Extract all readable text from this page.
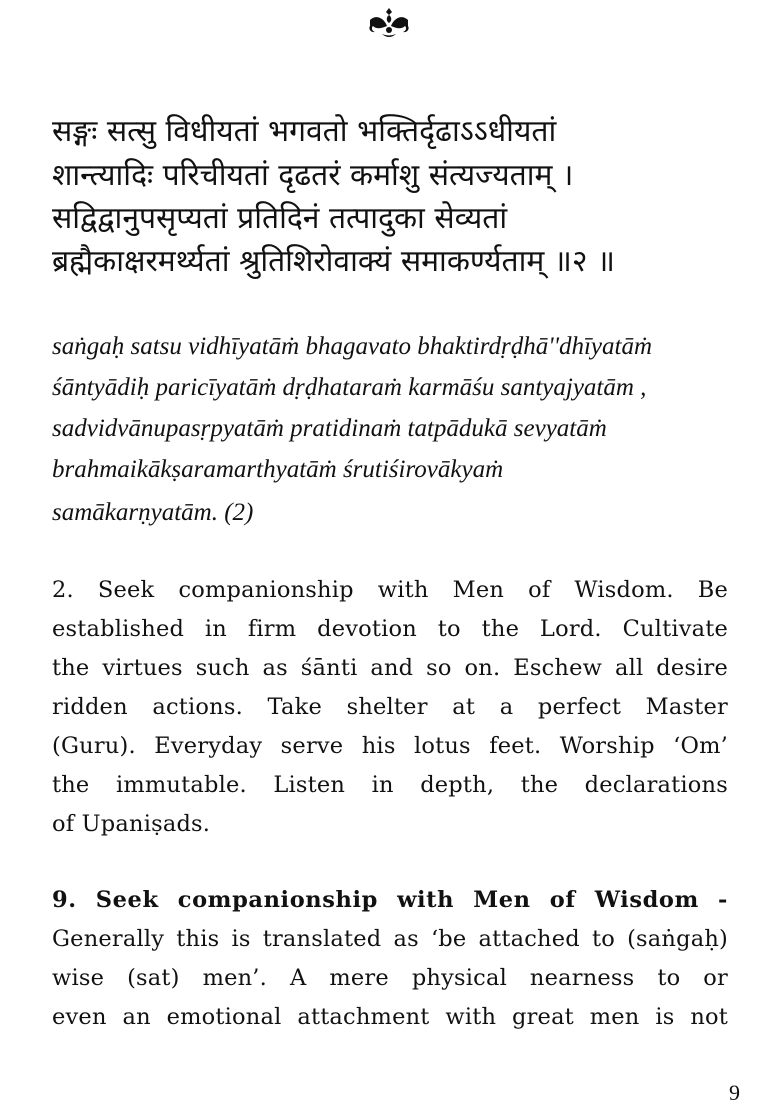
सङ्गः सत्सु विधीयतां भगवतो भक्तिर्दृढाऽऽधीयतां
शान्त्यादिः परिचीयतां दृढतरं कर्माशु संत्यज्यताम् ।
सद्विद्वानुपसृप्यतां प्रतिदिनं तत्पादुका सेव्यतां
ब्रह्मैकाक्षरमर्थ्यतां श्रुतिशिरोवाक्यं समाकर्ण्यताम् ॥२ ॥
saṅgaḥ satsu vidhīyatāṁ bhagavato bhaktirdṛḍhā''dhīyatāṁ
śāntyādiḥ paricīyatāṁ dṛḍhataraṁ karmāśu santyajyatām ,
sadvidvānupasṛpyatāṁ pratidinaṁ tatpādukā sevyatāṁ
brahmaikākṣaramarthyatāṁ śrutiśirovākyaṁ
samākarṇyatām. (2)
2. Seek companionship with Men of Wisdom. Be
established in firm devotion to the Lord. Cultivate
the virtues such as śānti and so on. Eschew all desire
ridden actions. Take shelter at a perfect Master
(Guru). Everyday serve his lotus feet. Worship ‘Om’
the immutable. Listen in depth, the declarations
of Upaniṣads.
9. Seek companionship with Men of Wisdom -
Generally this is translated as ‘be attached to (saṅgaḥ)
wise (sat) men’. A mere physical nearness to or
even an emotional attachment with great men is not
9
